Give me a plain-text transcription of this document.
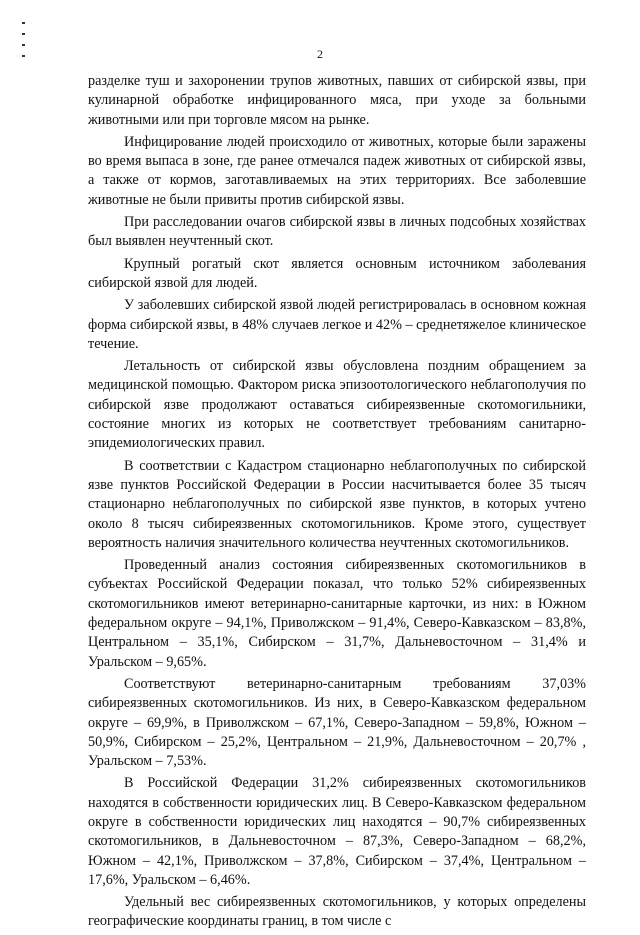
2

разделке туш и захоронении трупов животных, павших от сибирской язвы, при кулинарной обработке инфицированного мяса, при уходе за больными животными или при торговле мясом на рынке.

Инфицирование людей происходило от животных, которые были заражены во время выпаса в зоне, где ранее отмечался падеж животных от сибирской язвы, а также от кормов, заготавливаемых на этих территориях. Все заболевшие животные не были привиты против сибирской язвы.

При расследовании очагов сибирской язвы в личных подсобных хозяйствах был выявлен неучтенный скот.

Крупный рогатый скот является основным источником заболевания сибирской язвой для людей.

У заболевших сибирской язвой людей регистрировалась в основном кожная форма сибирской язвы, в 48% случаев легкое и 42% – среднетяжелое клиническое течение.

Летальность от сибирской язвы обусловлена поздним обращением за медицинской помощью. Фактором риска эпизоотологического неблагополучия по сибирской язве продолжают оставаться сибиреязвенные скотомогильники, состояние многих из которых не соответствует требованиям санитарно-эпидемиологических правил.

В соответствии с Кадастром стационарно неблагополучных по сибирской язве пунктов Российской Федерации в России насчитывается более 35 тысяч стационарно неблагополучных по сибирской язве пунктов, в которых учтено около 8 тысяч сибиреязвенных скотомогильников. Кроме этого, существует вероятность наличия значительного количества неучтенных скотомогильников.

Проведенный анализ состояния сибиреязвенных скотомогильников в субъектах Российской Федерации показал, что только 52% сибиреязвенных скотомогильников имеют ветеринарно-санитарные карточки, из них: в Южном федеральном округе – 94,1%, Приволжском – 91,4%, Северо-Кавказском – 83,8%, Центральном – 35,1%, Сибирском – 31,7%, Дальневосточном – 31,4% и Уральском – 9,65%.

Соответствуют ветеринарно-санитарным требованиям 37,03% сибиреязвенных скотомогильников. Из них, в Северо-Кавказском федеральном округе – 69,9%, в Приволжском – 67,1%, Северо-Западном – 59,8%, Южном – 50,9%, Сибирском – 25,2%, Центральном – 21,9%, Дальневосточном – 20,7% , Уральском – 7,53%.

В Российской Федерации 31,2% сибиреязвенных скотомогильников находятся в собственности юридических лиц. В Северо-Кавказском федеральном округе в собственности юридических лиц находятся – 90,7% сибиреязвенных скотомогильников, в Дальневосточном – 87,3%, Северо-Западном – 68,2%, Южном – 42,1%, Приволжском – 37,8%, Сибирском – 37,4%, Центральном – 17,6%, Уральском – 6,46%.

Удельный вес сибиреязвенных скотомогильников, у которых определены географические координаты границ, в том числе с
